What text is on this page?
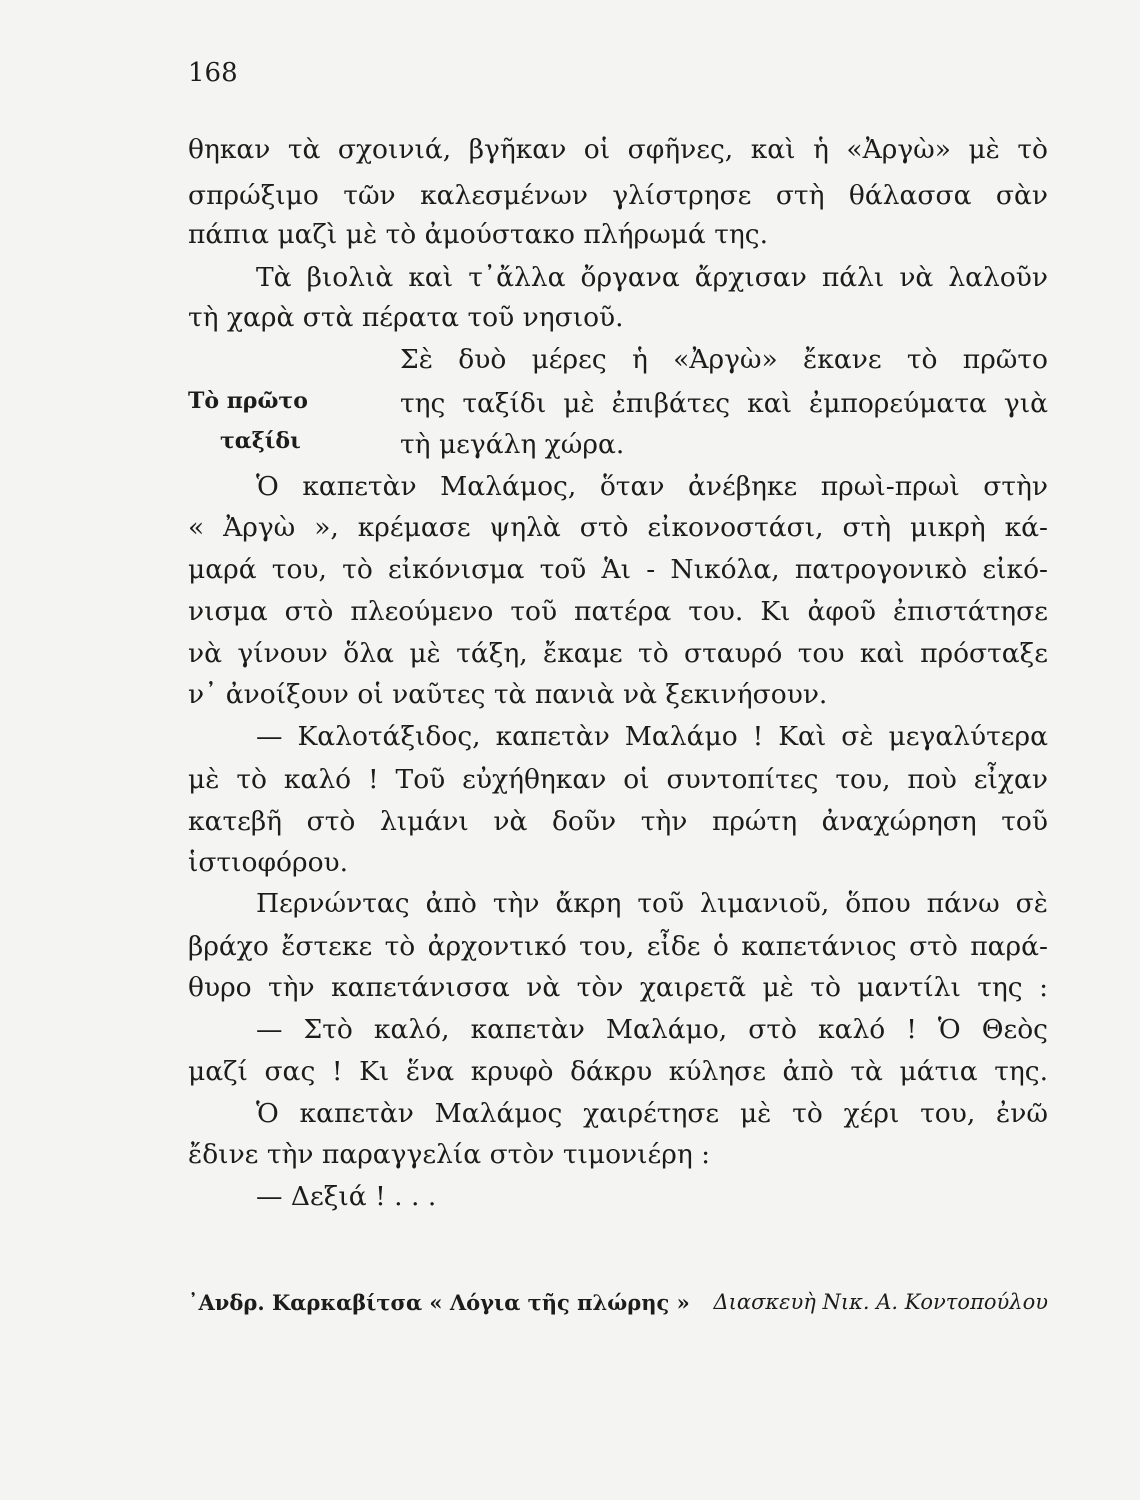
168
θηκαν τὰ σχοινιά, βγῆκαν οἱ σφῆνες, καὶ ἡ «Ἀργὼ» μὲ τὸ
σπρώξιμο τῶν καλεσμένων γλίστρησε στὴ θάλασσα σὰν
πάπια μαζὶ μὲ τὸ ἀμούστακο πλήρωμά της.
Τὰ βιολιὰ καὶ τ᾽ἄλλα ὄργανα ἄρχισαν πάλι νὰ λαλοῦν
τὴ χαρὰ στὰ πέρατα τοῦ νησιοῦ.
Σὲ δυὸ μέρες ἡ «Ἀργὼ» ἔκανε τὸ πρῶτο
Τὸ πρῶτο
ταξίδι
της ταξίδι μὲ ἐπιβάτες καὶ ἐμπορεύματα γιὰ
τὴ μεγάλη χώρα.
Ὁ καπετὰν Μαλάμος, ὅταν ἀνέβηκε πρωὶ-πρωὶ στὴν
« Ἀργὼ », κρέμασε ψηλὰ στὸ εἰκονοστάσι, στὴ μικρὴ κά-
μαρά του, τὸ εἰκόνισμα τοῦ Ἁι - Νικόλα, πατρογονικὸ εἰκό-
νισμα στὸ πλεούμενο τοῦ πατέρα του. Κι ἀφοῦ ἐπιστάτησε
νὰ γίνουν ὅλα μὲ τάξη, ἔκαμε τὸ σταυρό του καὶ πρόσταξε
ν᾽ ἀνοίξουν οἱ ναῦτες τὰ πανιὰ νὰ ξεκινήσουν.
— Καλοτάξιδος, καπετὰν Μαλάμο ! Καὶ σὲ μεγαλύτερα
μὲ τὸ καλό ! Τοῦ εὐχήθηκαν οἱ συντοπίτες του, ποὺ εἶχαν
κατεβῆ στὸ λιμάνι νὰ δοῦν τὴν πρώτη ἀναχώρηση τοῦ
ἱστιοφόρου.
Περνώντας ἀπὸ τὴν ἄκρη τοῦ λιμανιοῦ, ὅπου πάνω σὲ
βράχο ἔστεκε τὸ ἀρχοντικό του, εἶδε ὁ καπετάνιος στὸ παρά-
θυρο τὴν καπετάνισσα νὰ τὸν χαιρετᾶ μὲ τὸ μαντίλι της :
— Στὸ καλό, καπετὰν Μαλάμο, στὸ καλό ! Ὁ Θεὸς
μαζί σας ! Κι ἕνα κρυφὸ δάκρυ κύλησε ἀπὸ τὰ μάτια της.
Ὁ καπετὰν Μαλάμος χαιρέτησε μὲ τὸ χέρι του, ἐνῶ
ἔδινε τὴν παραγγελία στὸν τιμονιέρη :
— Δεξιά ! . . .
᾽Ανδρ. Καρκαβίτσα « Λόγια τῆς πλώρης » Διασκευὴ Νικ. Α. Κοντοπούλου
